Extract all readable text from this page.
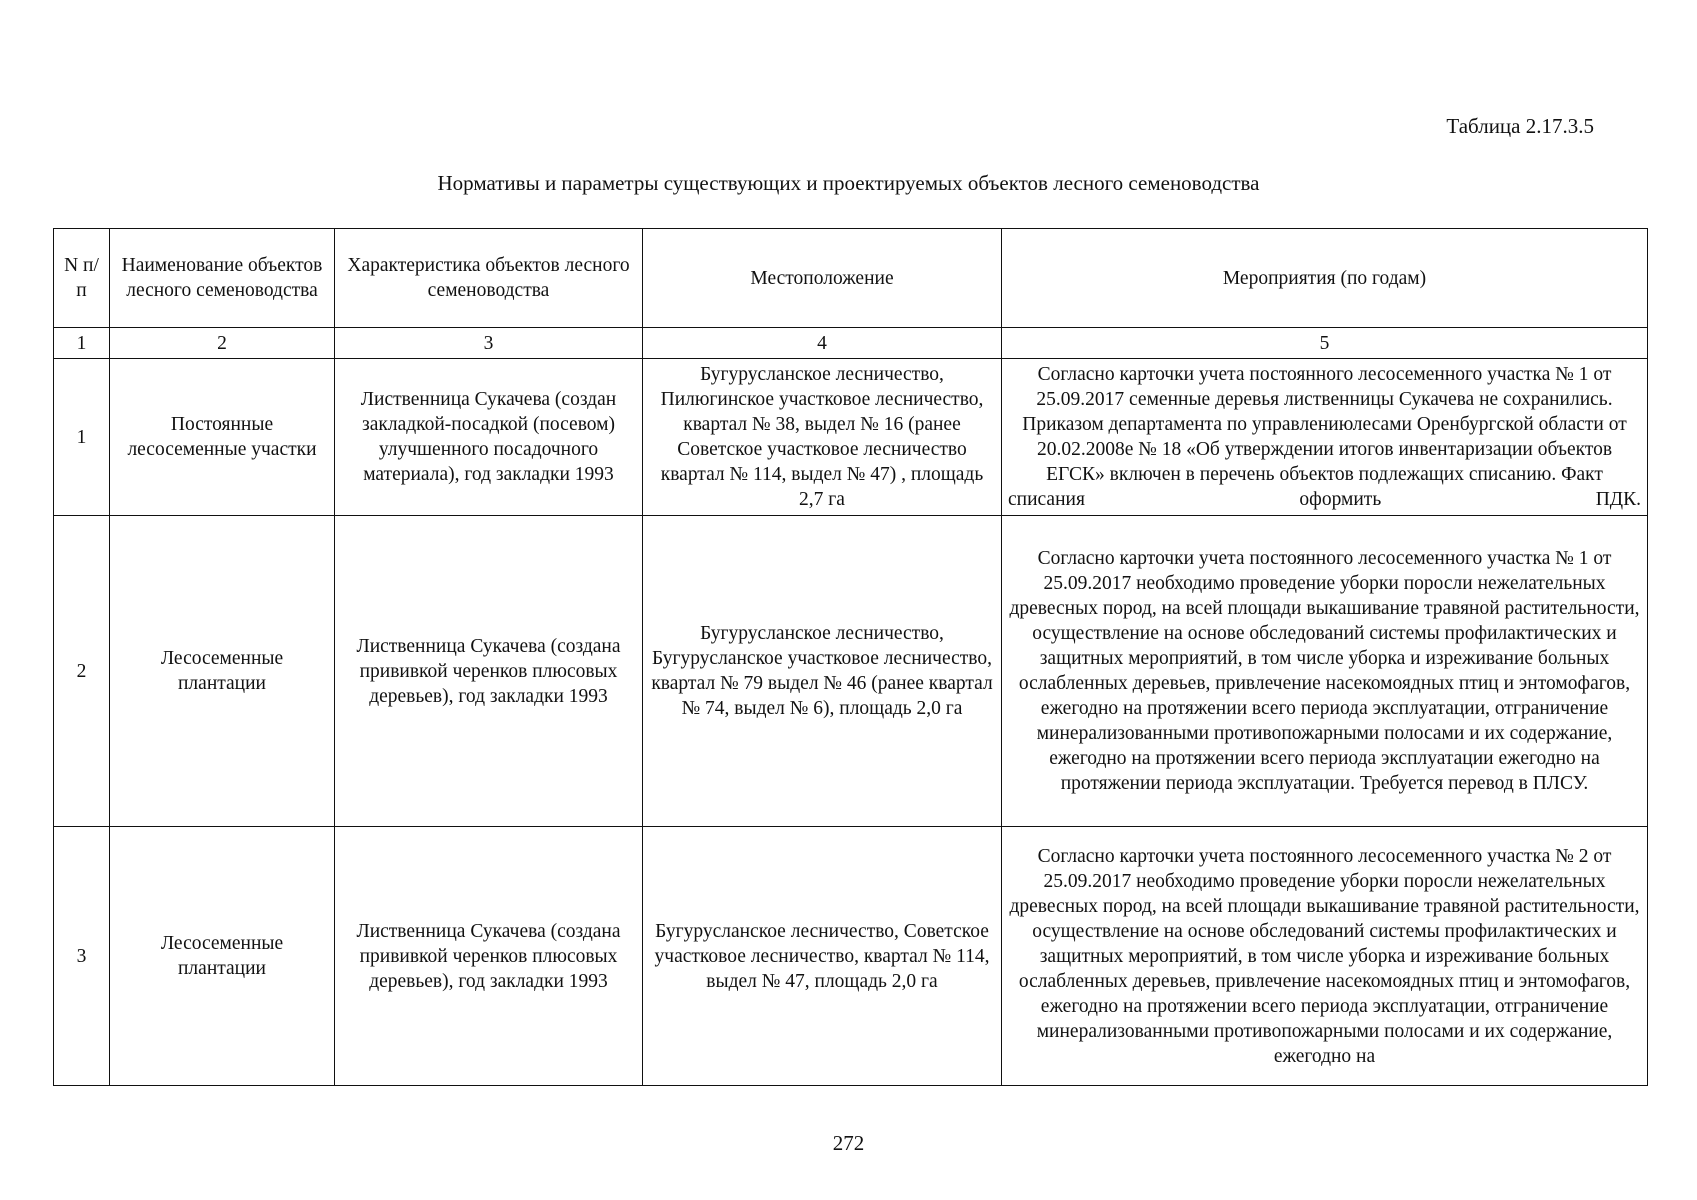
Таблица 2.17.3.5
Нормативы и параметры существующих и проектируемых объектов лесного семеноводства
N п/п	Наименование объектов лесного семеноводства	Характеристика объектов лесного семеноводства	Местоположение	Мероприятия (по годам)
1	2	3	4	5
1	Постоянные лесосеменные участки	Лиственница Сукачева (создан закладкой-посадкой (посевом) улучшенного посадочного материала), год закладки 1993	Бугурусланское лесничество, Пилюгинское участковое лесничество, квартал № 38, выдел № 16 (ранее Советское участковое лесничество квартал № 114, выдел № 47) , площадь 2,7 га	Согласно карточки учета постоянного лесосеменного участка № 1 от 25.09.2017 семенные деревья лиственницы Сукачева не сохранились. Приказом департамента по управлениюлесами Оренбургской области от 20.02.2008е № 18 «Об утверждении итогов инвентаризации объектов ЕГСК» включен в перечень объектов подлежащих списанию. Факт списания оформить ПДК.
2	Лесосеменные плантации	Лиственница Сукачева (создана прививкой черенков плюсовых деревьев), год закладки 1993	Бугурусланское лесничество, Бугурусланское участковое лесничество, квартал № 79 выдел № 46 (ранее квартал № 74, выдел № 6), площадь 2,0 га	Согласно карточки учета постоянного лесосеменного участка № 1 от 25.09.2017 необходимо проведение уборки поросли нежелательных древесных пород, на всей площади выкашивание травяной растительности, осуществление на основе обследований системы профилактических и защитных мероприятий, в том числе уборка и изреживание больных ослабленных деревьев, привлечение насекомоядных птиц и энтомофагов, ежегодно на протяжении всего периода эксплуатации, отграничение минерализованными противопожарными полосами и их содержание, ежегодно на протяжении всего периода эксплуатации ежегодно на протяжении периода эксплуатации. Требуется перевод в ПЛСУ.
3	Лесосеменные плантации	Лиственница Сукачева (создана прививкой черенков плюсовых деревьев), год закладки 1993	Бугурусланское лесничество, Советское участковое лесничество, квартал № 114, выдел № 47, площадь 2,0 га	Согласно карточки учета постоянного лесосеменного участка № 2 от 25.09.2017 необходимо проведение уборки поросли нежелательных древесных пород, на всей площади выкашивание травяной растительности, осуществление на основе обследований системы профилактических и защитных мероприятий, в том числе уборка и изреживание больных ослабленных деревьев, привлечение насекомоядных птиц и энтомофагов, ежегодно на протяжении всего периода эксплуатации, отграничение минерализованными противопожарными полосами и их содержание, ежегодно на
272
